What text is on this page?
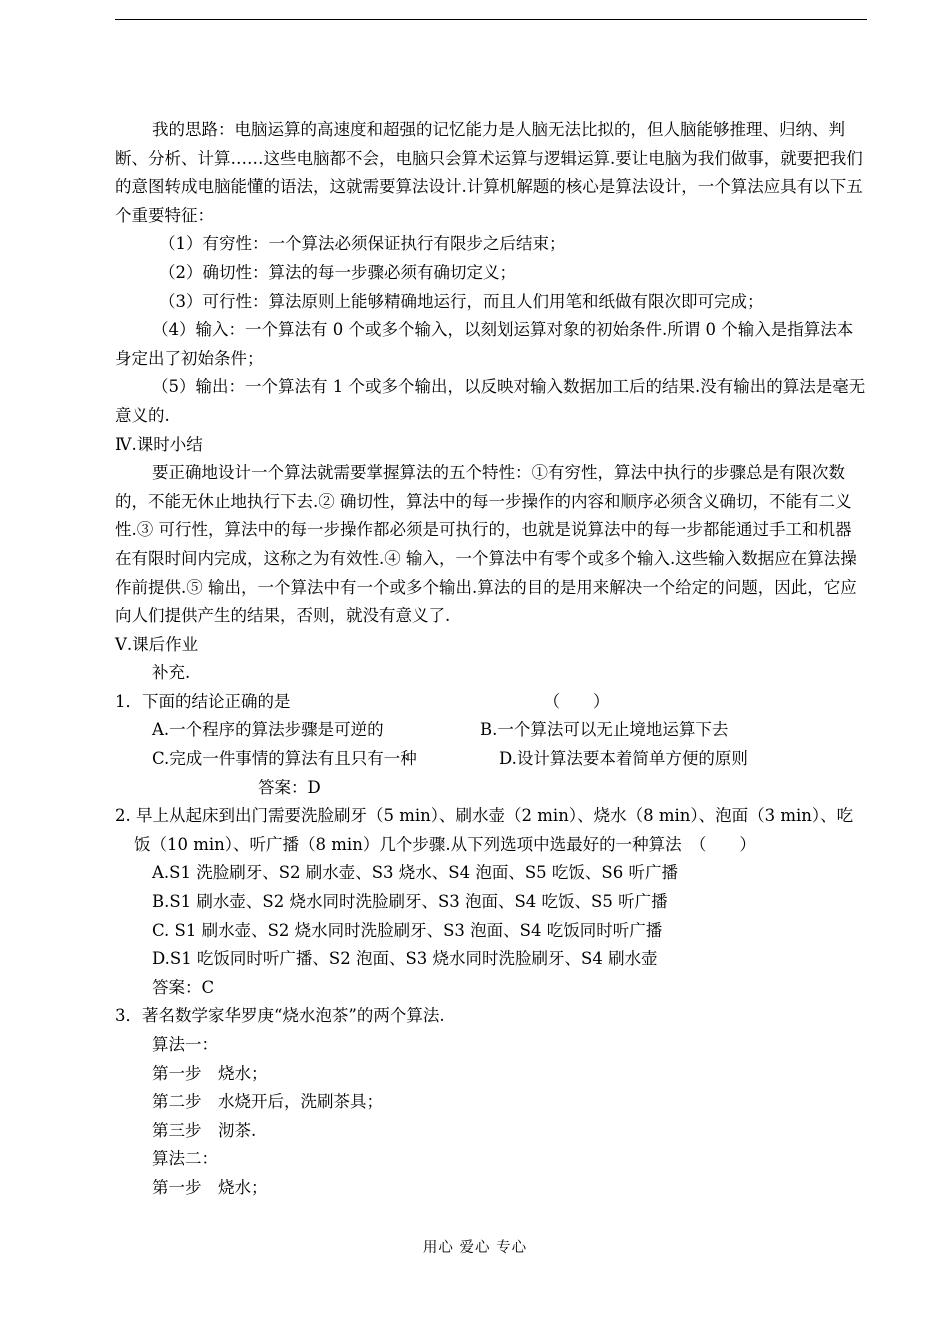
我的思路：电脑运算的高速度和超强的记忆能力是人脑无法比拟的，但人脑能够推理、归纳、判断、分析、计算……这些电脑都不会，电脑只会算术运算与逻辑运算.要让电脑为我们做事，就要把我们的意图转成电脑能懂的语法，这就需要算法设计.计算机解题的核心是算法设计，一个算法应具有以下五个重要特征：

（1）有穷性：一个算法必须保证执行有限步之后结束；

（2）确切性：算法的每一步骤必须有确切定义；

（3）可行性：算法原则上能够精确地运行，而且人们用笔和纸做有限次即可完成；

（4）输入：一个算法有 0 个或多个输入，以刻划运算对象的初始条件.所谓 0 个输入是指算法本身定出了初始条件；

（5）输出：一个算法有 1 个或多个输出，以反映对输入数据加工后的结果.没有输出的算法是毫无意义的.

Ⅳ.课时小结

要正确地设计一个算法就需要掌握算法的五个特性：①有穷性，算法中执行的步骤总是有限次数的，不能无休止地执行下去.② 确切性，算法中的每一步操作的内容和顺序必须含义确切，不能有二义性.③ 可行性，算法中的每一步操作都必须是可执行的，也就是说算法中的每一步都能通过手工和机器在有限时间内完成，这称之为有效性.④ 输入，一个算法中有零个或多个输入.这些输入数据应在算法操作前提供.⑤ 输出，一个算法中有一个或多个输出.算法的目的是用来解决一个给定的问题，因此，它应向人们提供产生的结果，否则，就没有意义了.

Ⅴ.课后作业

补充.

1．下面的结论正确的是	（　　）
A.一个程序的算法步骤是可逆的	B.一个算法可以无止境地运算下去
C.完成一件事情的算法有且只有一种	D.设计算法要本着简单方便的原则

答案：D

2. 早上从起床到出门需要洗脸刷牙（5 min）、刷水壶（2 min）、烧水（8 min）、泡面（3 min）、吃饭（10 min）、听广播（8 min）几个步骤.从下列选项中选最好的一种算法　（　　）

A.S1 洗脸刷牙、S2 刷水壶、S3 烧水、S4 泡面、S5 吃饭、S6 听广播

B.S1 刷水壶、S2 烧水同时洗脸刷牙、S3 泡面、S4 吃饭、S5 听广播

C. S1 刷水壶、S2 烧水同时洗脸刷牙、S3 泡面、S4 吃饭同时听广播

D.S1 吃饭同时听广播、S2 泡面、S3 烧水同时洗脸刷牙、S4 刷水壶

答案：C

3．著名数学家华罗庚“烧水泡茶”的两个算法.

算法一：

第一步　烧水；

第二步　水烧开后，洗刷茶具；

第三步　沏茶.

算法二：

第一步　烧水；

用心 爱心 专心
